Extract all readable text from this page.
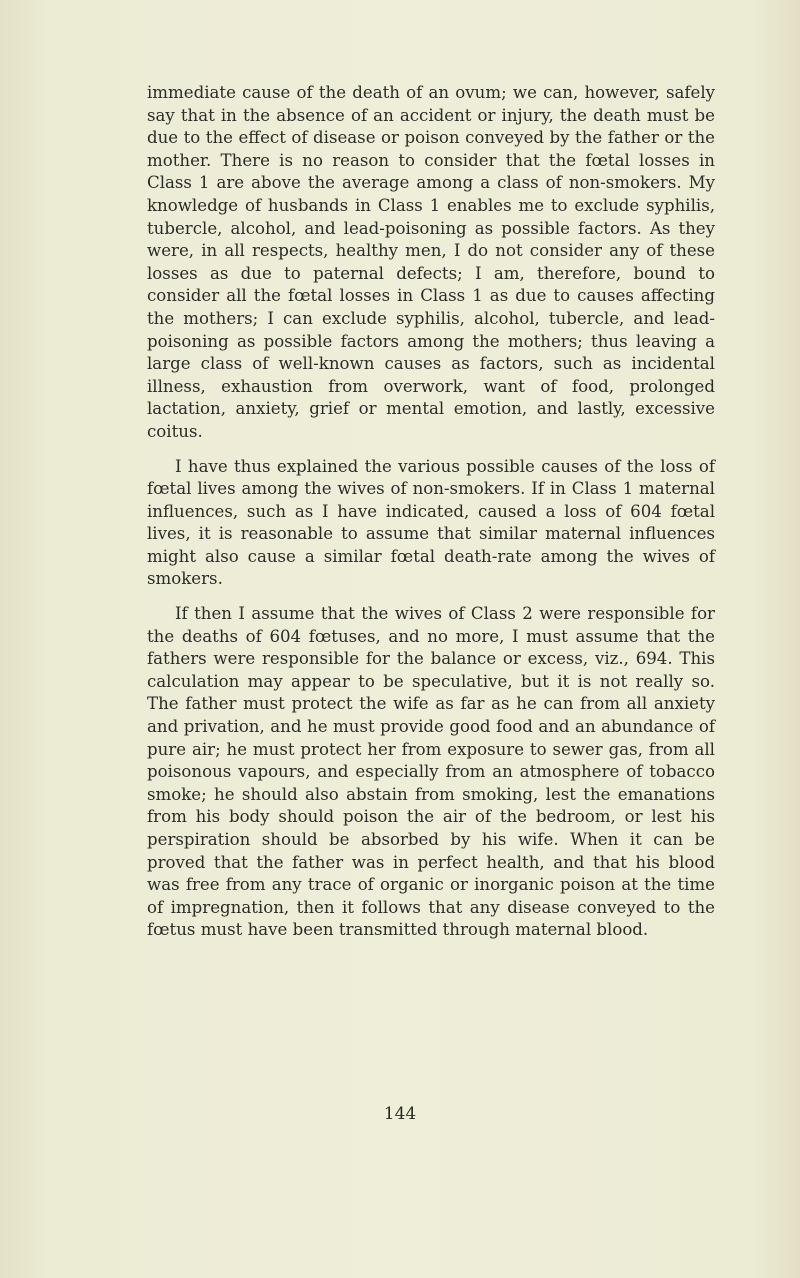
immediate cause of the death of an ovum; we can, however, safely say that in the absence of an accident or injury, the death must be due to the effect of disease or poison conveyed by the father or the mother. There is no reason to consider that the fœtal losses in Class 1 are above the average among a class of non-smokers. My knowledge of husbands in Class 1 enables me to exclude syphilis, tubercle, alcohol, and lead-poisoning as possible factors. As they were, in all respects, healthy men, I do not consider any of these losses as due to paternal defects; I am, therefore, bound to consider all the fœtal losses in Class 1 as due to causes affecting the mothers; I can exclude syphilis, alcohol, tubercle, and lead-poisoning as possible factors among the mothers; thus leaving a large class of well-known causes as factors, such as incidental illness, exhaustion from overwork, want of food, prolonged lactation, anxiety, grief or mental emotion, and lastly, excessive coitus.

I have thus explained the various possible causes of the loss of fœtal lives among the wives of non-smokers. If in Class 1 maternal influences, such as I have indicated, caused a loss of 604 fœtal lives, it is reasonable to assume that similar maternal influences might also cause a similar fœtal death-rate among the wives of smokers.

If then I assume that the wives of Class 2 were responsible for the deaths of 604 fœtuses, and no more, I must assume that the fathers were responsible for the balance or excess, viz., 694. This calculation may appear to be speculative, but it is not really so. The father must protect the wife as far as he can from all anxiety and privation, and he must provide good food and an abundance of pure air; he must protect her from exposure to sewer gas, from all poisonous vapours, and especially from an atmosphere of tobacco smoke; he should also abstain from smoking, lest the emanations from his body should poison the air of the bedroom, or lest his perspiration should be absorbed by his wife. When it can be proved that the father was in perfect health, and that his blood was free from any trace of organic or inorganic poison at the time of impregnation, then it follows that any disease conveyed to the fœtus must have been transmitted through maternal blood.

144
